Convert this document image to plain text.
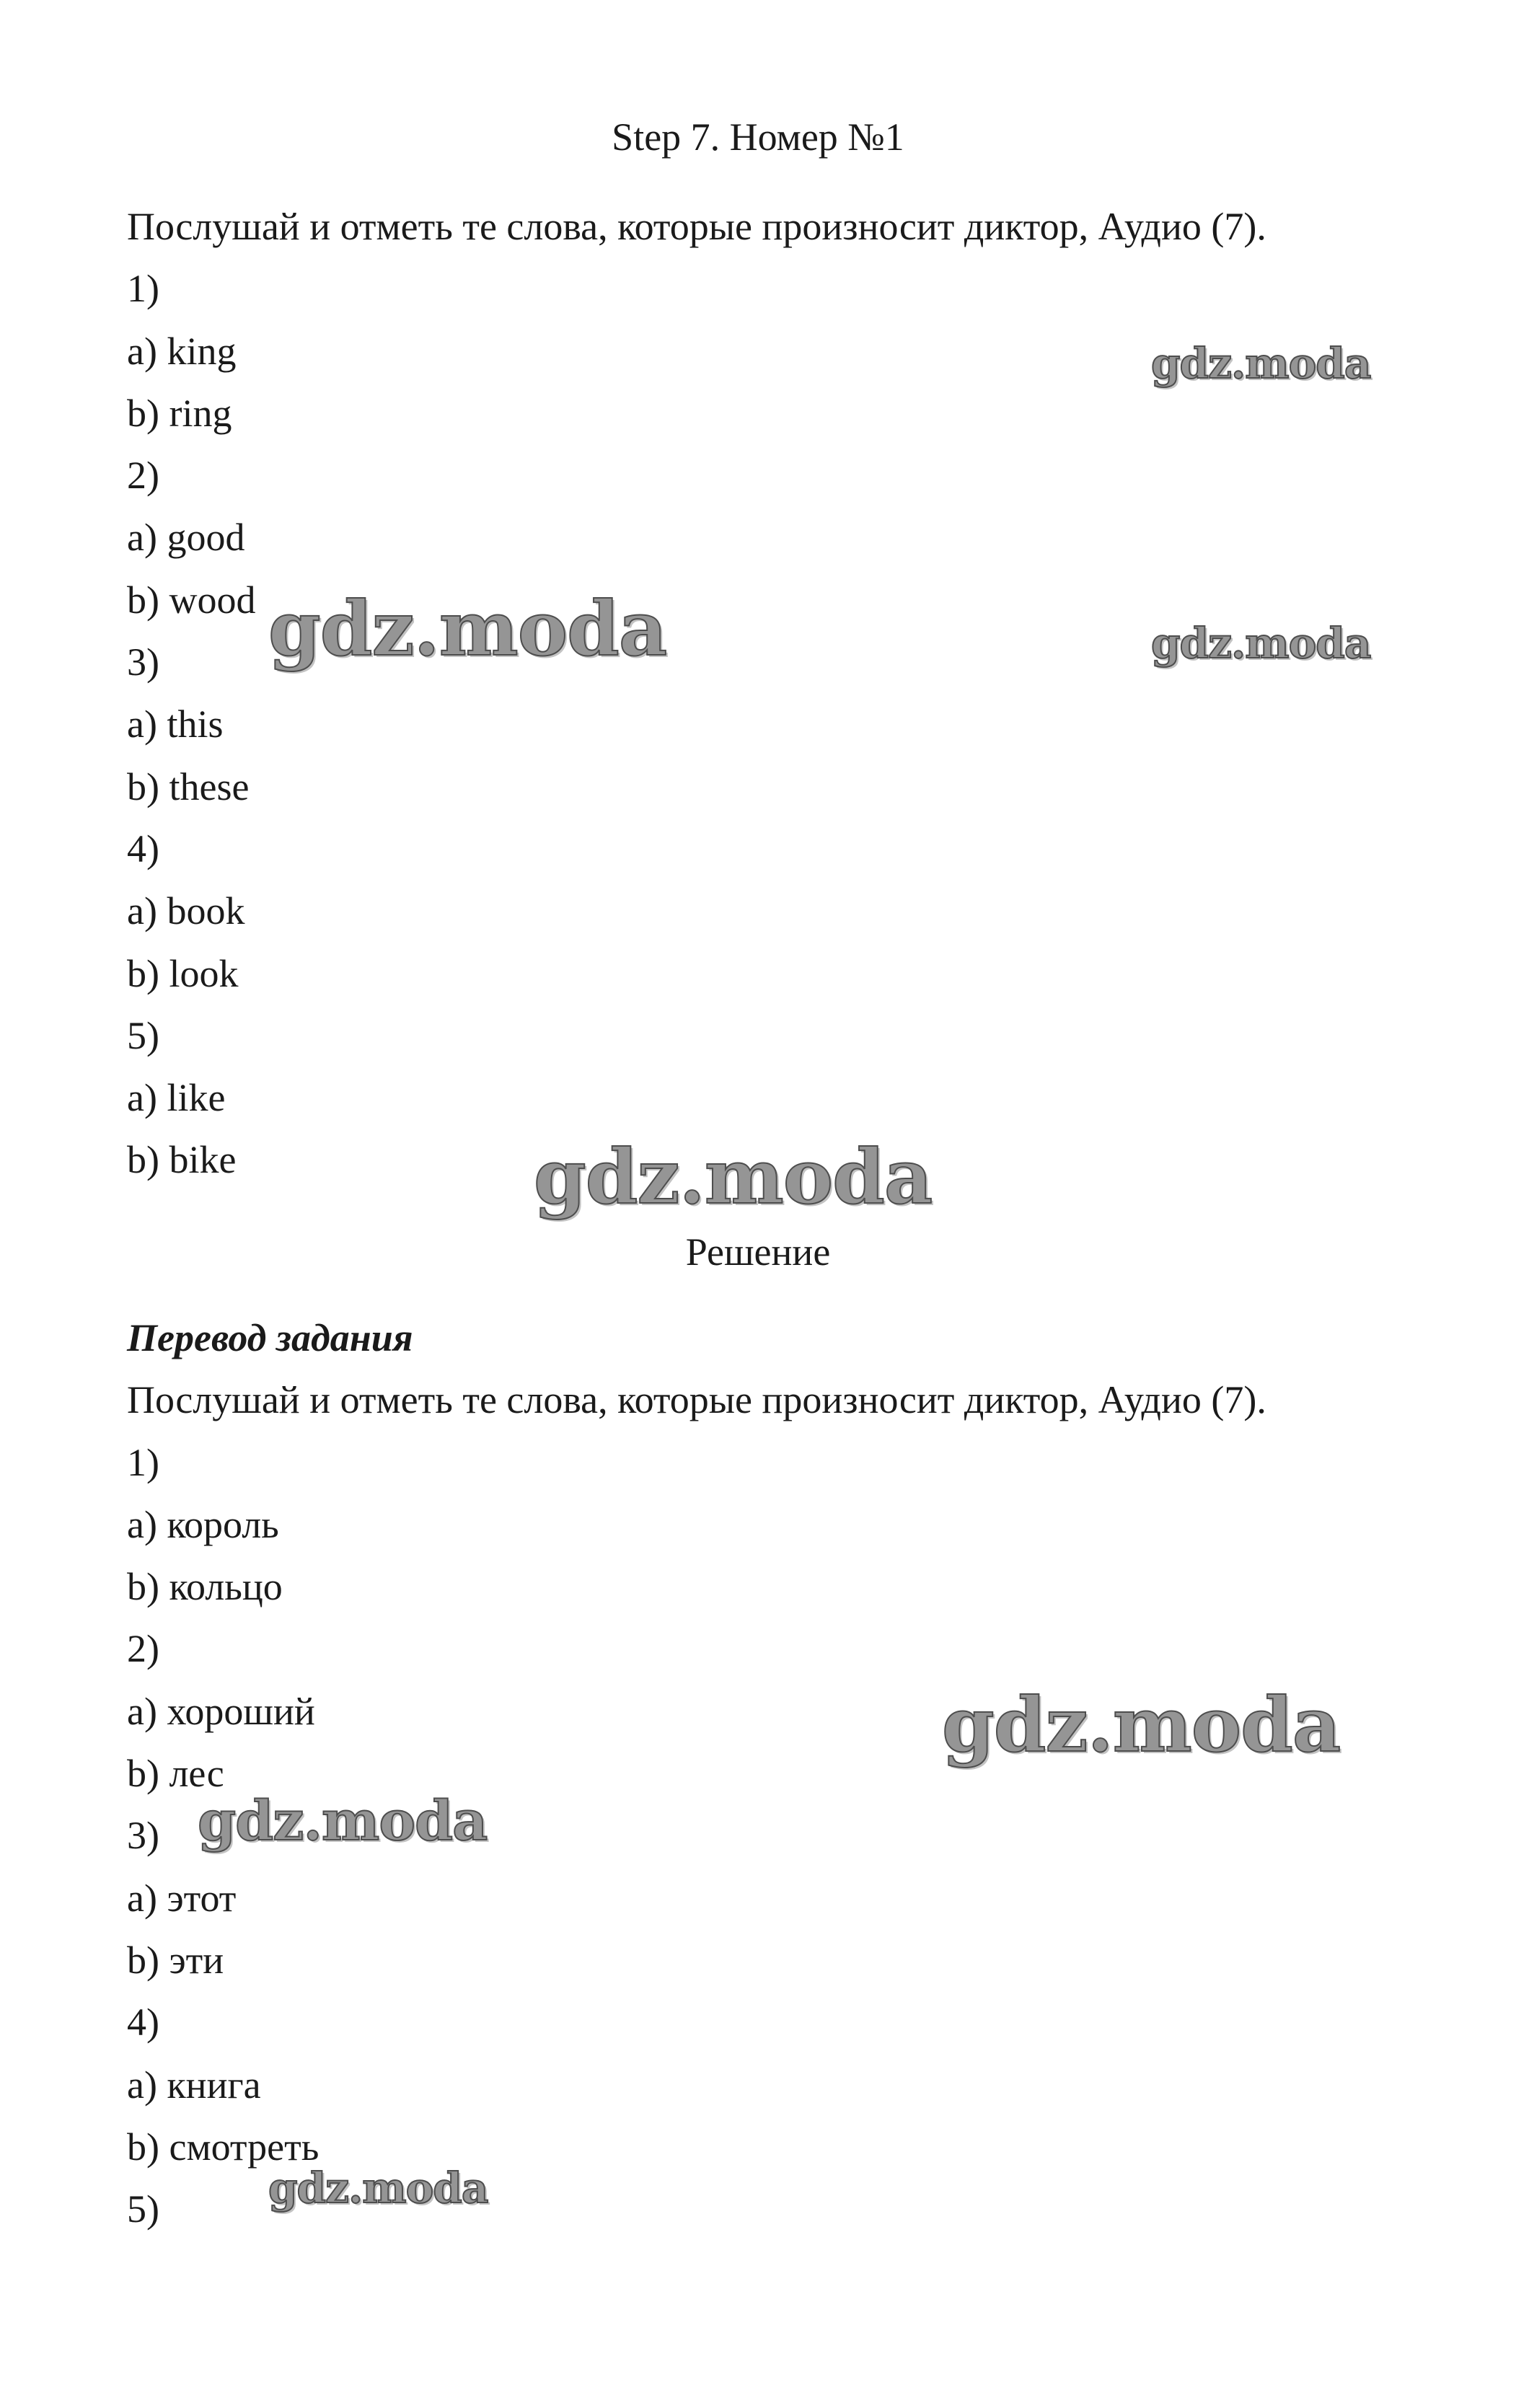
Step 7. Номер №1
Послушай и отметь те слова, которые произносит диктор, Аудио (7).
1)
a) king
b) ring
2)
a) good
b) wood
3)
a) this
b) these
4)
a) book
b) look
5)
a) like
b) bike
Решение
Перевод задания
Послушай и отметь те слова, которые произносит диктор, Аудио (7).
1)
a) король
b) кольцо
2)
a) хороший
b) лес
3)
a) этот
b) эти
4)
a) книга
b) смотреть
5)
gdz.moda
gdz.moda	gdz.moda
gdz.moda
gdz.moda
gdz.moda
gdz.moda
